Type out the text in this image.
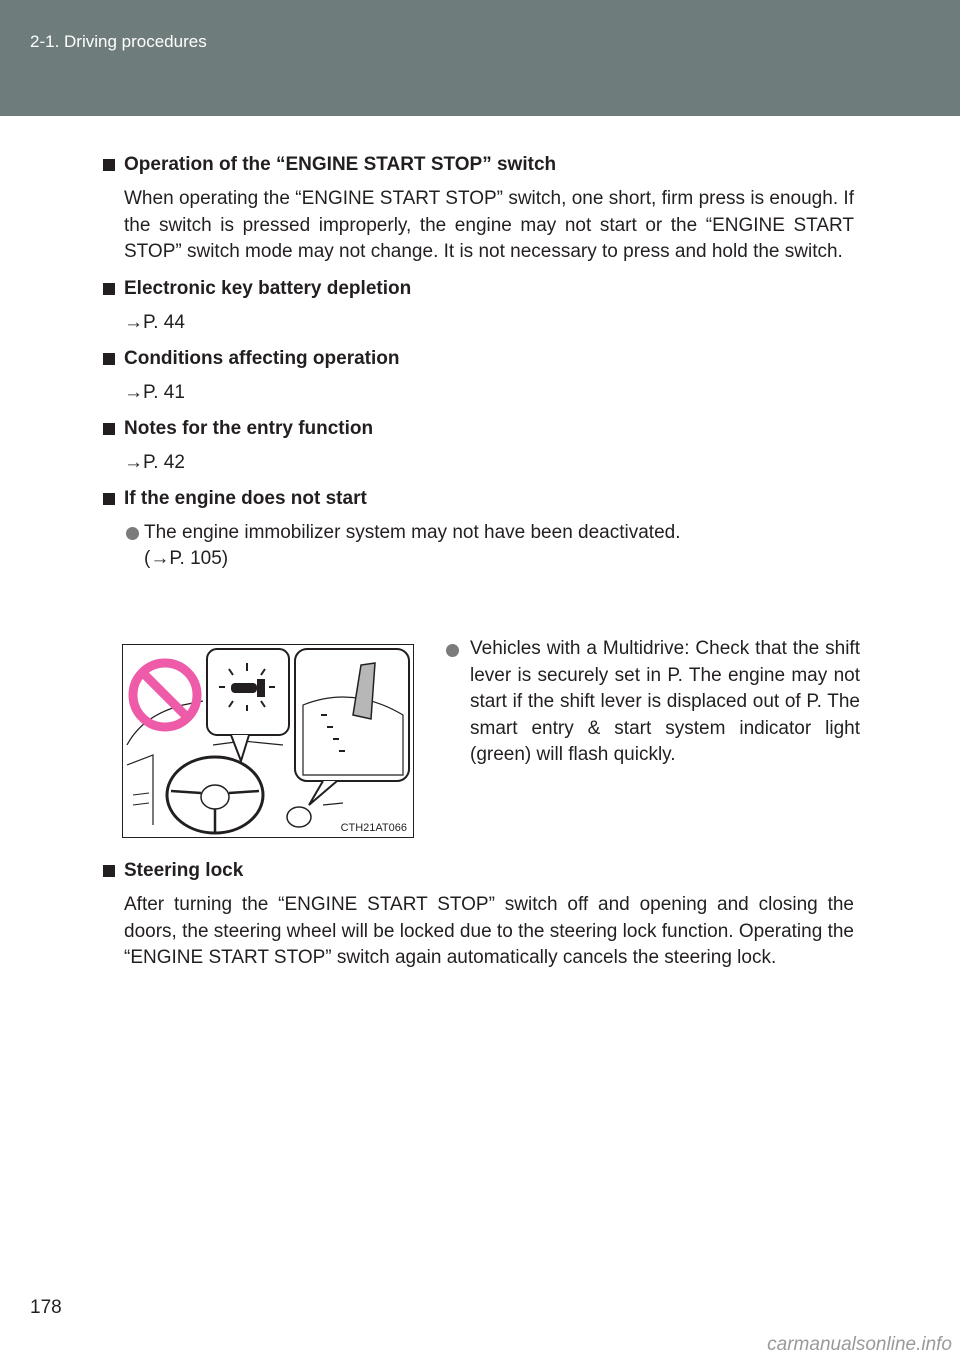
2-1. Driving procedures
Operation of the “ENGINE START STOP” switch
When operating the “ENGINE START STOP” switch, one short, firm press is enough. If the switch is pressed improperly, the engine may not start or the “ENGINE START STOP” switch mode may not change. It is not necessary to press and hold the switch.
Electronic key battery depletion
→P. 44
Conditions affecting operation
→P. 41
Notes for the entry function
→P. 42
If the engine does not start
The engine immobilizer system may not have been deactivated.
(→P. 105)
CTH21AT066
Vehicles with a Multidrive: Check that the shift lever is securely set in P. The engine may not start if the shift lever is displaced out of P. The smart entry & start system indicator light (green) will flash quickly.
Steering lock
After turning the “ENGINE START STOP” switch off and opening and closing the doors, the steering wheel will be locked due to the steering lock function. Operating the “ENGINE START STOP” switch again automatically cancels the steering lock.
178
carmanualsonline.info
